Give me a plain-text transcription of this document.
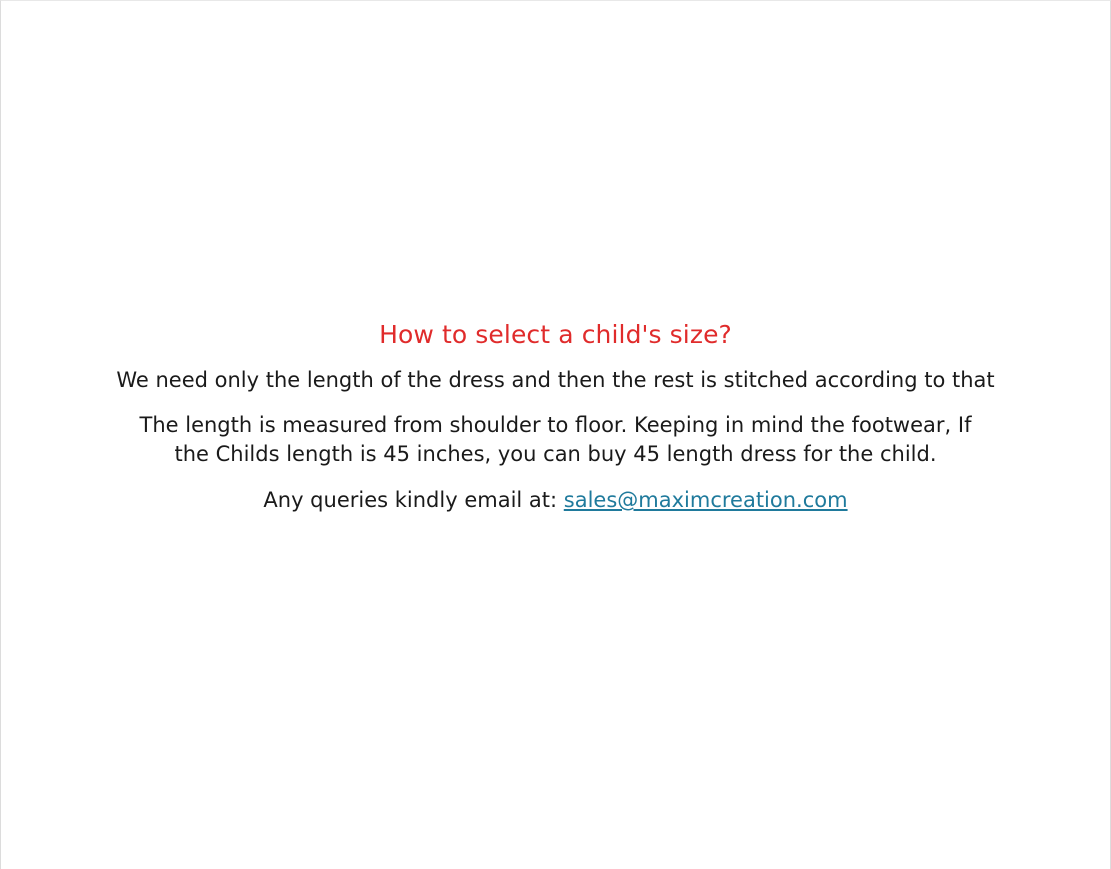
How to select a child's size?

We need only the length of the dress and then the rest is stitched according to that

The length is measured from shoulder to floor. Keeping in mind the footwear, If the Childs length is 45 inches, you can buy 45 length dress for the child.

Any queries kindly email at: sales@maximcreation.com
